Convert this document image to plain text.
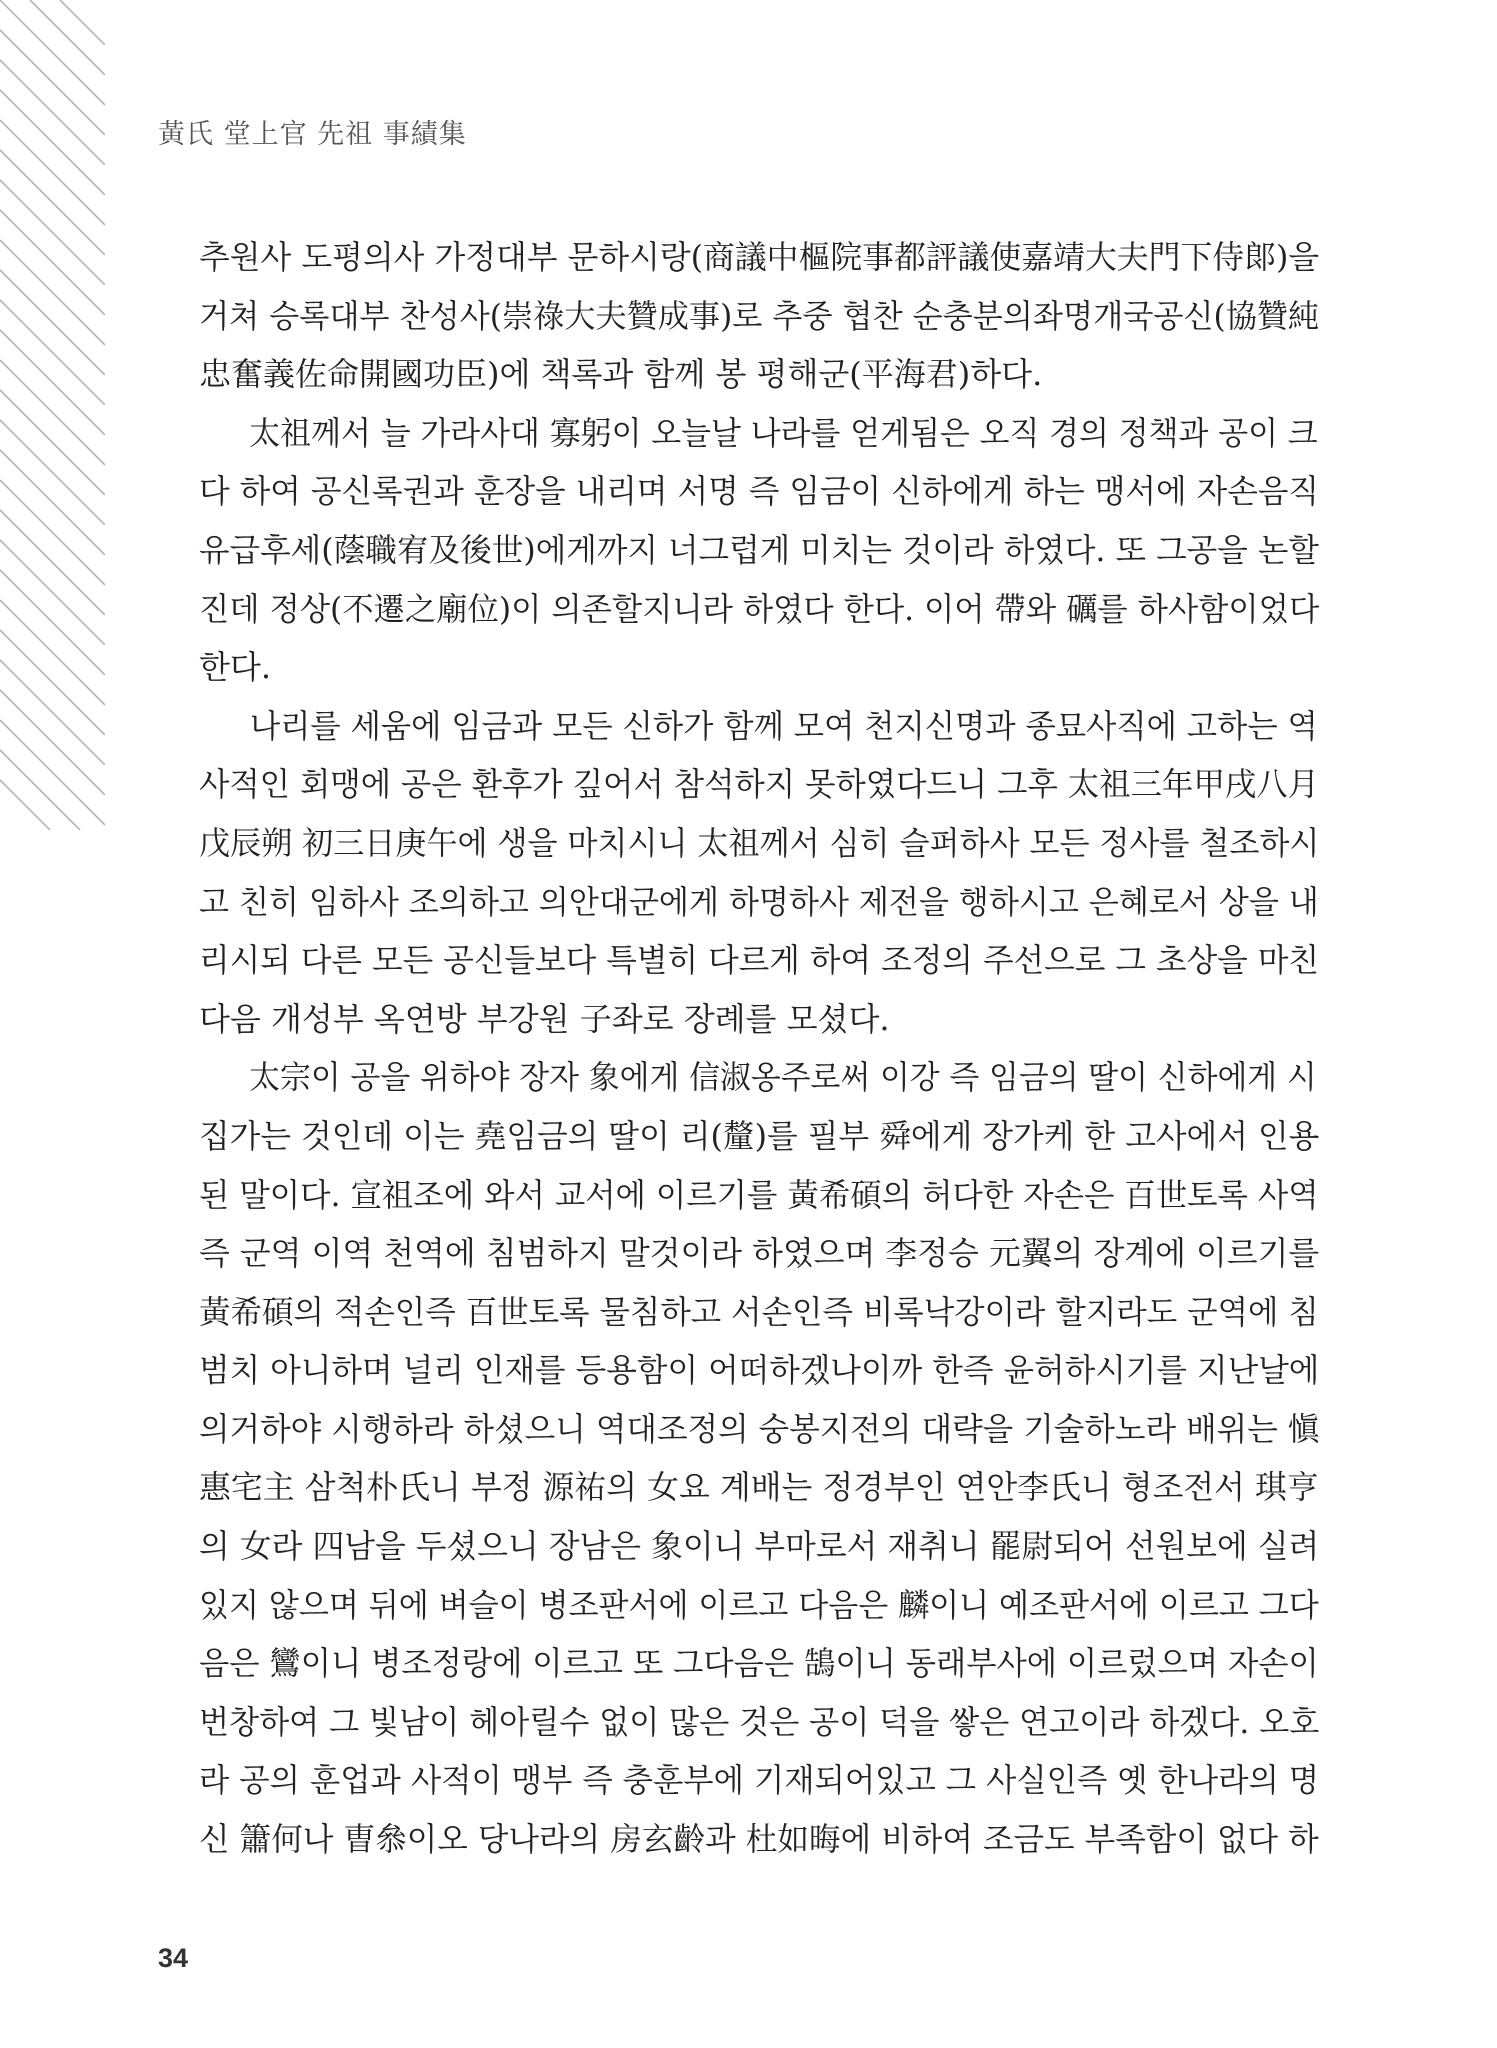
黃氏 堂上官 先祖 事績集
추원사 도평의사 가정대부 문하시랑(商議中樞院事都評議使嘉靖大夫門下侍郞)을
거쳐 승록대부 찬성사(崇祿大夫贊成事)로 추중 협찬 순충분의좌명개국공신(協贊純
忠奮義佐命開國功臣)에 책록과 함께 봉 평해군(平海君)하다.
太祖께서 늘 가라사대 寡躬이 오늘날 나라를 얻게됨은 오직 경의 정책과 공이 크
다 하여 공신록권과 훈장을 내리며 서명 즉 임금이 신하에게 하는 맹서에 자손음직
유급후세(蔭職宥及後世)에게까지 너그럽게 미치는 것이라 하였다. 또 그공을 논할
진데 정상(不遷之廟位)이 의존할지니라 하였다 한다. 이어 帶와 礪를 하사함이었다
한다.
나리를 세움에 임금과 모든 신하가 함께 모여 천지신명과 종묘사직에 고하는 역
사적인 회맹에 공은 환후가 깊어서 참석하지 못하였다드니 그후 太祖三年甲戌八月
戊辰朔 初三日庚午에 생을 마치시니 太祖께서 심히 슬퍼하사 모든 정사를 철조하시
고 친히 임하사 조의하고 의안대군에게 하명하사 제전을 행하시고 은혜로서 상을 내
리시되 다른 모든 공신들보다 특별히 다르게 하여 조정의 주선으로 그 초상을 마친
다음 개성부 옥연방 부강원 子좌로 장례를 모셨다.
太宗이 공을 위하야 장자 象에게 信淑옹주로써 이강 즉 임금의 딸이 신하에게 시
집가는 것인데 이는 堯임금의 딸이 리(釐)를 필부 舜에게 장가케 한 고사에서 인용
된 말이다. 宣祖조에 와서 교서에 이르기를 黃希碩의 허다한 자손은 百世토록 사역
즉 군역 이역 천역에 침범하지 말것이라 하였으며 李정승 元翼의 장계에 이르기를
黃希碩의 적손인즉 百世토록 물침하고 서손인즉 비록낙강이라 할지라도 군역에 침
범치 아니하며 널리 인재를 등용함이 어떠하겠나이까 한즉 윤허하시기를 지난날에
의거하야 시행하라 하셨으니 역대조정의 숭봉지전의 대략을 기술하노라 배위는 愼
惠宅主 삼척朴氏니 부정 源祐의 女요 계배는 정경부인 연안李氏니 형조전서 琪亨
의 女라 四남을 두셨으니 장남은 象이니 부마로서 재취니 罷尉되어 선원보에 실려
있지 않으며 뒤에 벼슬이 병조판서에 이르고 다음은 麟이니 예조판서에 이르고 그다
음은 鸞이니 병조정랑에 이르고 또 그다음은 鵠이니 동래부사에 이르렀으며 자손이
번창하여 그 빛남이 헤아릴수 없이 많은 것은 공이 덕을 쌓은 연고이라 하겠다. 오호
라 공의 훈업과 사적이 맹부 즉 충훈부에 기재되어있고 그 사실인즉 옛 한나라의 명
신 簫何나 曺叅이오 당나라의 房玄齡과 杜如晦에 비하여 조금도 부족함이 없다 하
34
